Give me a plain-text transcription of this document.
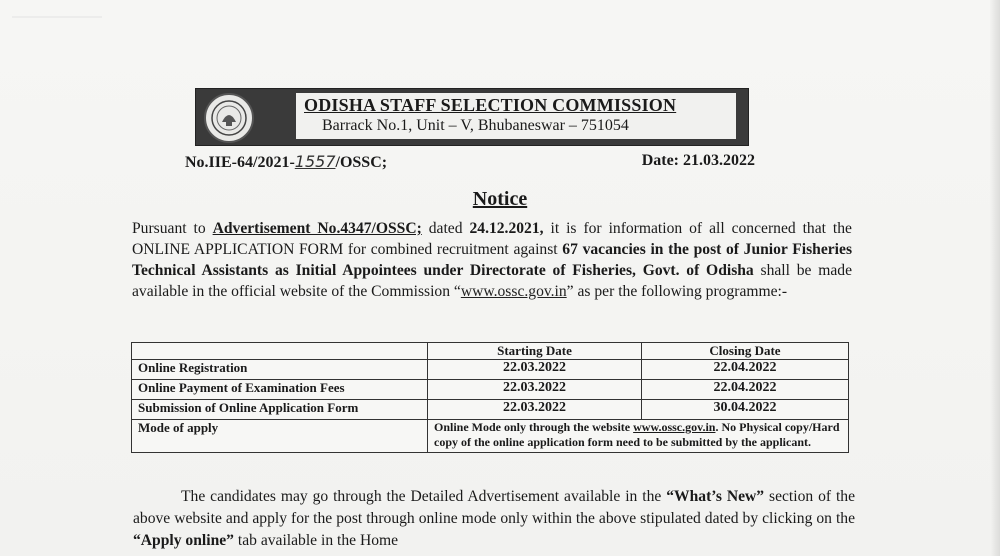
ODISHA STAFF SELECTION COMMISSION
Barrack No.1, Unit – V, Bhubaneswar – 751054
No.IIE-64/2021-1557/OSSC;	Date: 21.03.2022
Notice
Pursuant to Advertisement No.4347/OSSC; dated 24.12.2021, it is for information of all concerned that the ONLINE APPLICATION FORM for combined recruitment against 67 vacancies in the post of Junior Fisheries Technical Assistants as Initial Appointees under Directorate of Fisheries, Govt. of Odisha shall be made available in the official website of the Commission “www.ossc.gov.in” as per the following programme:-
	Starting Date	Closing Date
Online Registration	22.03.2022	22.04.2022
Online Payment of Examination Fees	22.03.2022	22.04.2022
Submission of Online Application Form	22.03.2022	30.04.2022
Mode of apply	Online Mode only through the website www.ossc.gov.in. No Physical copy/Hard copy of the online application form need to be submitted by the applicant.	
The candidates may go through the Detailed Advertisement available in the “What’s New” section of the above website and apply for the post through online mode only within the above stipulated dated by clicking on the “Apply online” tab available in the Home
